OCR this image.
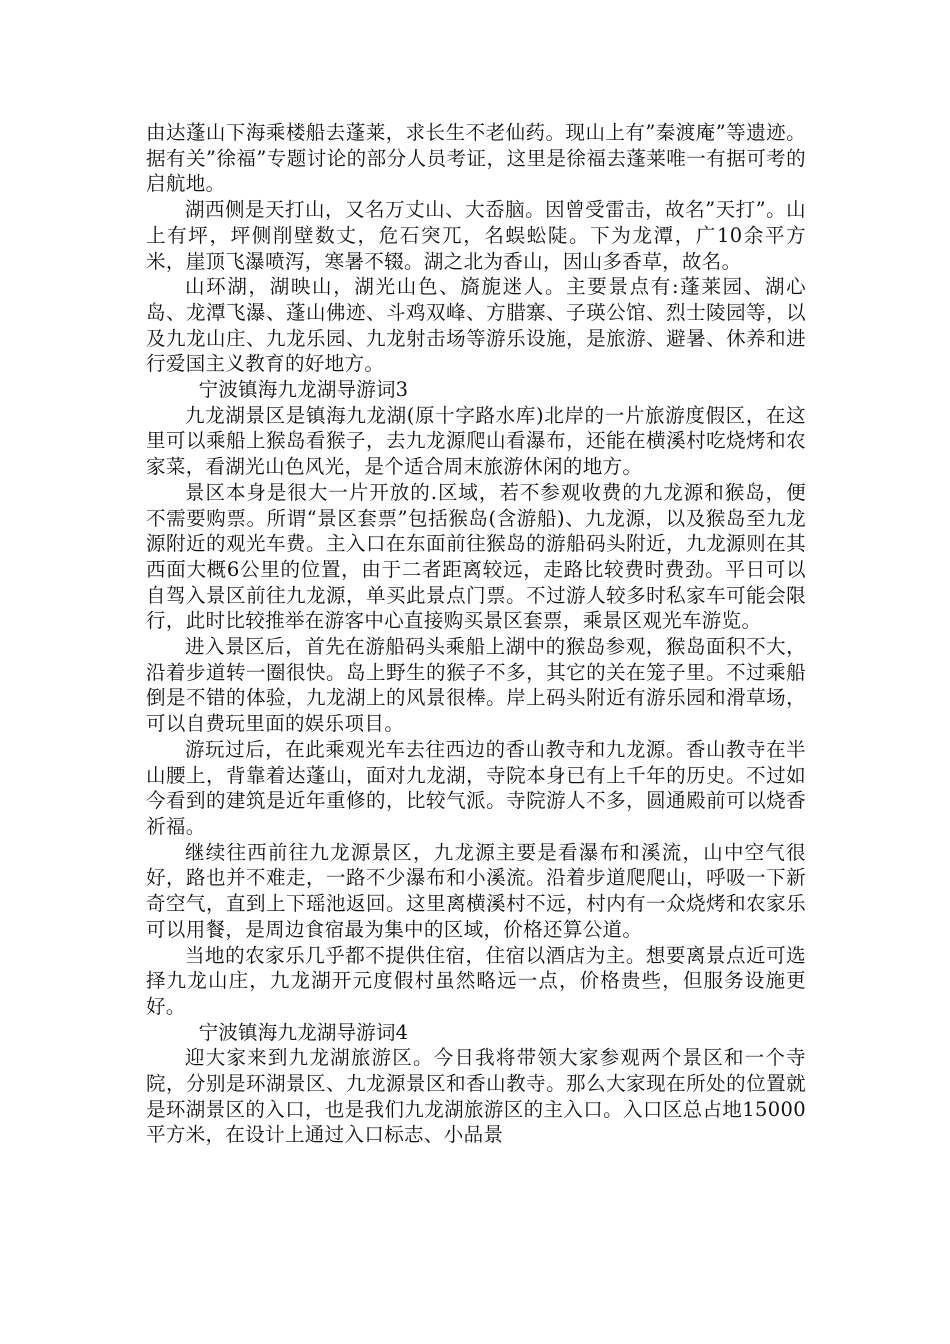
由达蓬山下海乘楼船去蓬莱，求长生不老仙药。现山上有”秦渡庵”等遗迹。据有关”徐福”专题讨论的部分人员考证，这里是徐福去蓬莱唯一有据可考的启航地。

湖西侧是天打山，又名万丈山、大岙脑。因曾受雷击，故名”天打”。山上有坪，坪侧削壁数丈，危石突兀，名蜈蚣陡。下为龙潭，广10余平方米，崖顶飞瀑喷泻，寒暑不辍。湖之北为香山，因山多香草，故名。

山环湖，湖映山，湖光山色、旖旎迷人。主要景点有:蓬莱园、湖心岛、龙潭飞瀑、蓬山佛迹、斗鸡双峰、方腊寨、子瑛公馆、烈士陵园等，以及九龙山庄、九龙乐园、九龙射击场等游乐设施，是旅游、避暑、休养和进行爱国主义教育的好地方。

宁波镇海九龙湖导游词3

九龙湖景区是镇海九龙湖(原十字路水库)北岸的一片旅游度假区，在这里可以乘船上猴岛看猴子，去九龙源爬山看瀑布，还能在横溪村吃烧烤和农家菜，看湖光山色风光，是个适合周末旅游休闲的地方。

景区本身是很大一片开放的.区域，若不参观收费的九龙源和猴岛，便不需要购票。所谓“景区套票”包括猴岛(含游船)、九龙源，以及猴岛至九龙源附近的观光车费。主入口在东面前往猴岛的游船码头附近，九龙源则在其西面大概6公里的位置，由于二者距离较远，走路比较费时费劲。平日可以自驾入景区前往九龙源，单买此景点门票。不过游人较多时私家车可能会限行，此时比较推举在游客中心直接购买景区套票，乘景区观光车游览。

进入景区后，首先在游船码头乘船上湖中的猴岛参观，猴岛面积不大，沿着步道转一圈很快。岛上野生的猴子不多，其它的关在笼子里。不过乘船倒是不错的体验，九龙湖上的风景很棒。岸上码头附近有游乐园和滑草场，可以自费玩里面的娱乐项目。

游玩过后，在此乘观光车去往西边的香山教寺和九龙源。香山教寺在半山腰上，背靠着达蓬山，面对九龙湖，寺院本身已有上千年的历史。不过如今看到的建筑是近年重修的，比较气派。寺院游人不多，圆通殿前可以烧香祈福。

继续往西前往九龙源景区，九龙源主要是看瀑布和溪流，山中空气很好，路也并不难走，一路不少瀑布和小溪流。沿着步道爬爬山，呼吸一下新奇空气，直到上下瑶池返回。这里离横溪村不远，村内有一众烧烤和农家乐可以用餐，是周边食宿最为集中的区域，价格还算公道。

当地的农家乐几乎都不提供住宿，住宿以酒店为主。想要离景点近可选择九龙山庄，九龙湖开元度假村虽然略远一点，价格贵些，但服务设施更好。

宁波镇海九龙湖导游词4

迎大家来到九龙湖旅游区。今日我将带领大家参观两个景区和一个寺院，分别是环湖景区、九龙源景区和香山教寺。那么大家现在所处的位置就是环湖景区的入口，也是我们九龙湖旅游区的主入口。入口区总占地15000平方米，在设计上通过入口标志、小品景
